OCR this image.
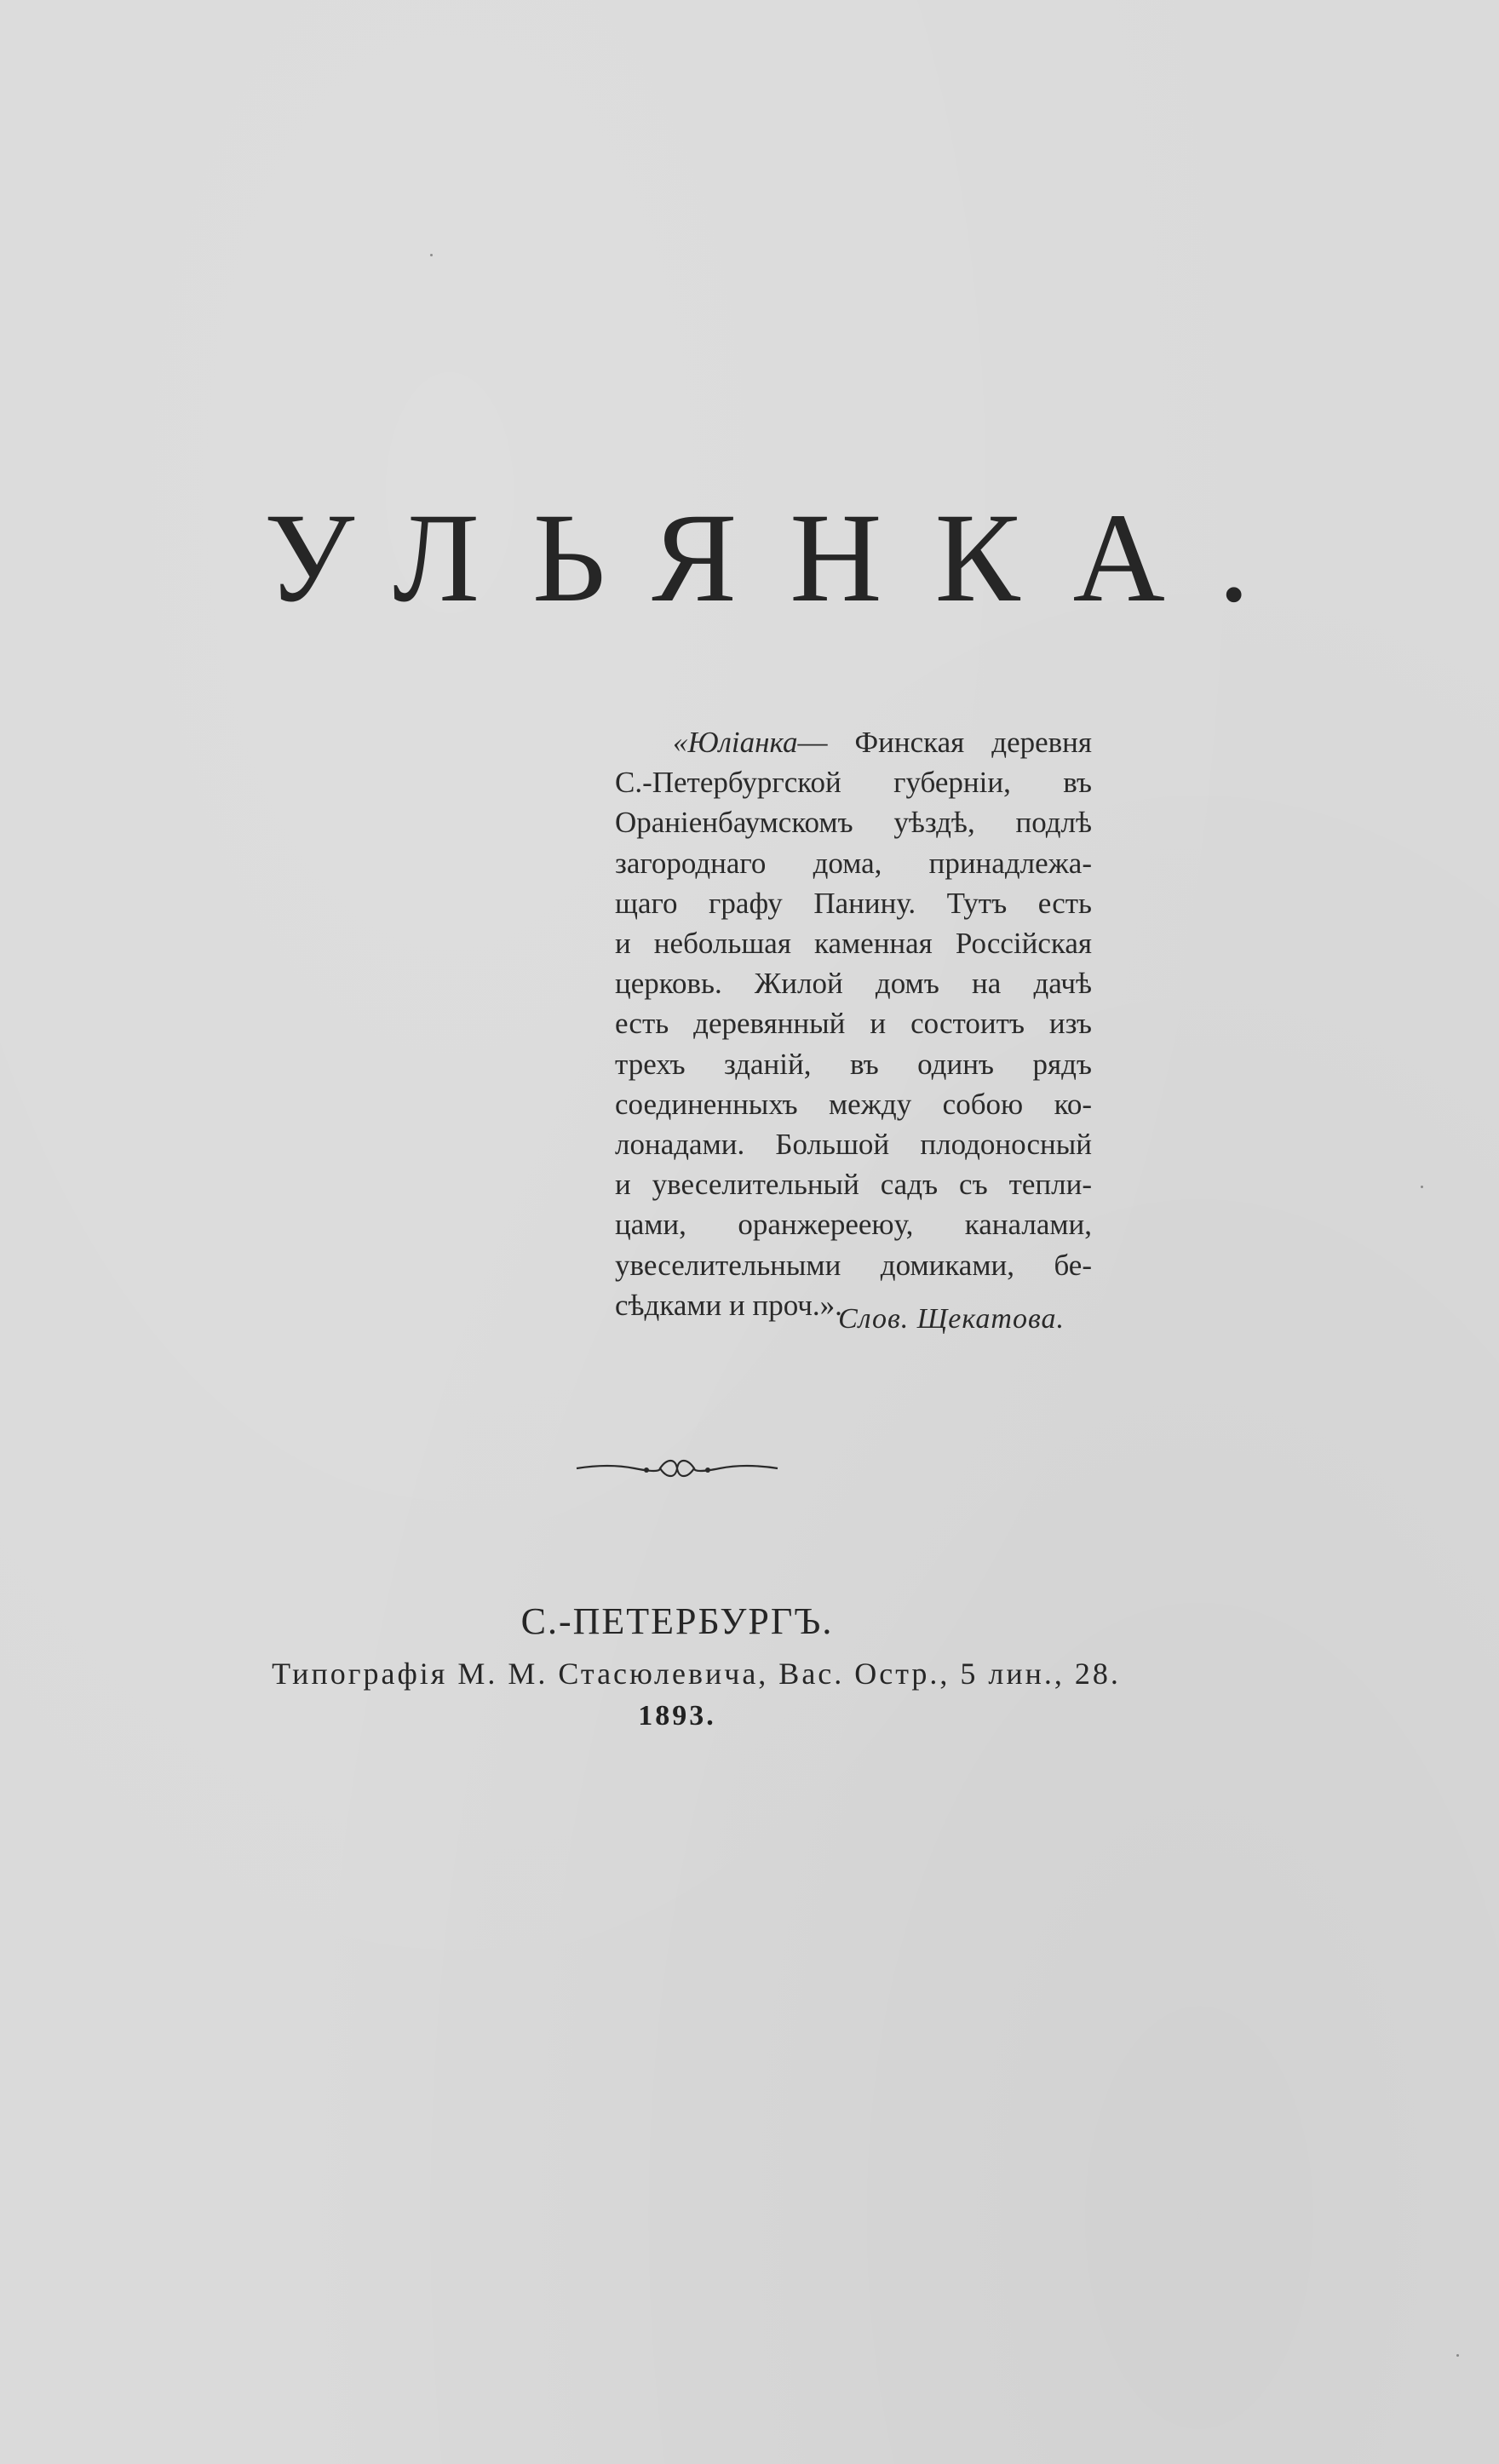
УЛЬЯНКА.
«Юліанка— Финская деревня
С.-Петербургской губерніи, въ
Ораніенбаумскомъ уѣздѣ, подлѣ
загороднаго дома, принадлежа-
щаго графу Панину. Тутъ есть
и небольшая каменная Россійская
церковь. Жилой домъ на дачѣ
есть деревянный и состоитъ изъ
трехъ зданій, въ одинъ рядъ
соединенныхъ между собою ко-
лонадами. Большой плодоносный
и увеселительный садъ съ тепли-
цами, оранжерееюу, каналами,
увеселительными домиками, бе-
сѣдками и проч.».
Слов. Щекатова.
С.-ПЕТЕРБУРГЪ.
Типографія М. М. Стасюлевича, Вас. Остр., 5 лин., 28.
1893.
